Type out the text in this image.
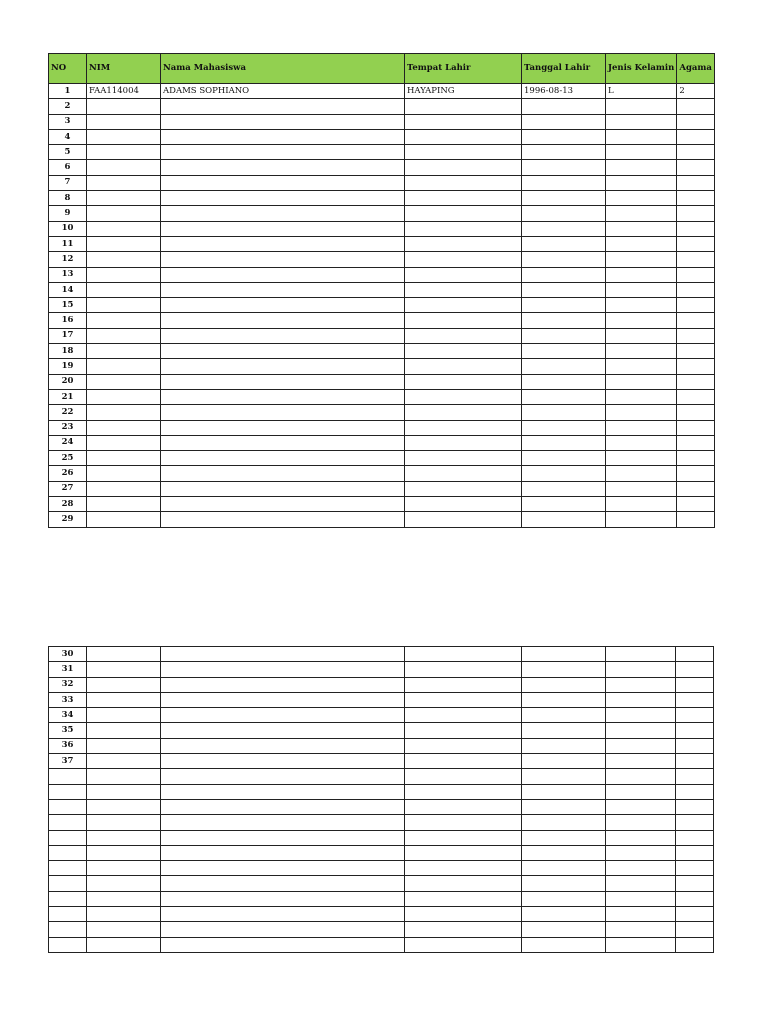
NO	NIM	Nama Mahasiswa	Tempat Lahir	Tanggal Lahir	Jenis Kelamin	Agama
1	FAA114004	ADAMS SOPHIANO	HAYAPING	1996-08-13	L	2
2						
3						
4						
5						
6						
7						
8						
9						
10						
11						
12						
13						
14						
15						
16						
17						
18						
19						
20						
21						
22						
23						
24						
25						
26						
27						
28						
29						
30						
31						
32						
33						
34						
35						
36						
37						
